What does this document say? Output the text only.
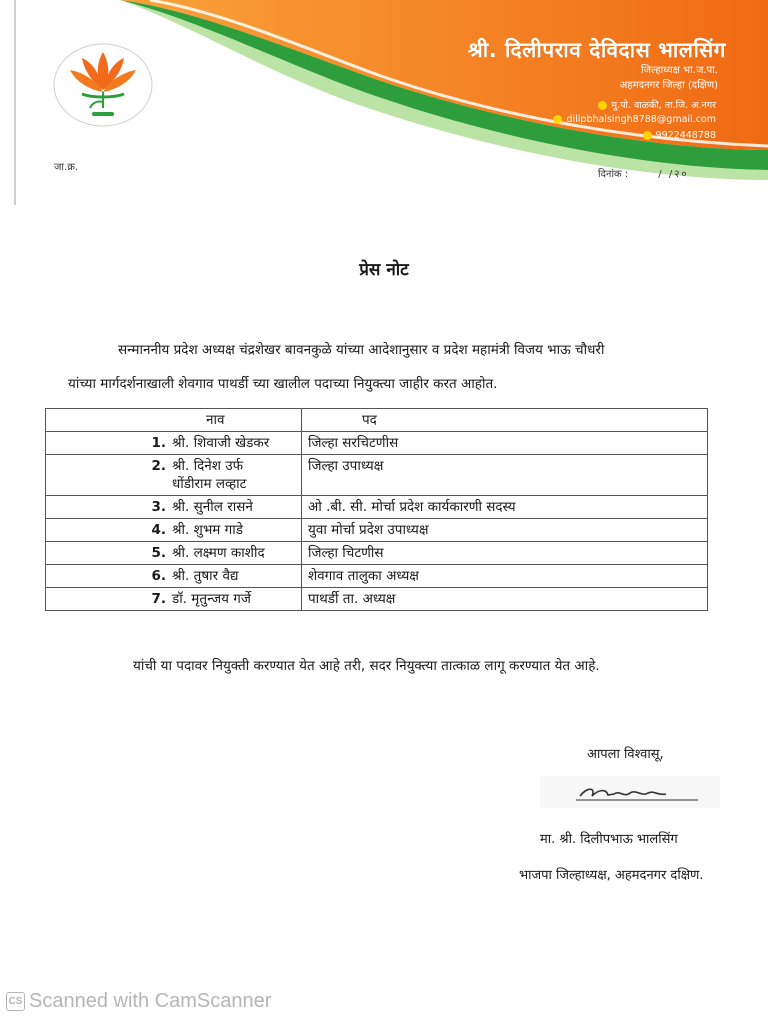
श्री. दिलीपराव देविदास भालसिंग
जिल्हाध्यक्ष भा.ज.पा.
अहमदनगर जिल्हा (दक्षिण)
मु.पो. वाळकी, ता.जि. अ.नगर
dilipbhalsingh8788@gmail.com
9922448788
जा.क्र.
दिनांक :	/ /२०
प्रेस नोट
सन्माननीय प्रदेश अध्यक्ष चंद्रशेखर बावनकुळे यांच्या आदेशानुसार व प्रदेश महामंत्री विजय भाऊ चौधरी
यांच्या मार्गदर्शनाखाली शेवगाव पाथर्डी च्या खालील पदाच्या नियुक्त्या जाहीर करत आहोत.
नाव	पद
1. श्री. शिवाजी खेडकर	जिल्हा सरचिटणीस
2. श्री. दिनेश उर्फ
धोंडीराम लव्हाट	जिल्हा उपाध्यक्ष
3. श्री. सुनील रासने	ओ .बी. सी. मोर्चा प्रदेश कार्यकारणी सदस्य
4. श्री. शुभम गाडे	युवा मोर्चा प्रदेश उपाध्यक्ष
5. श्री. लक्ष्मण काशीद	जिल्हा चिटणीस
6. श्री. तुषार वैद्य	शेवगाव तालुका अध्यक्ष
7. डॉ. मृतुन्जय गर्जे	पाथर्डी ता. अध्यक्ष
यांची या पदावर नियुक्ती करण्यात येत आहे तरी, सदर नियुक्त्या तात्काळ लागू करण्यात येत आहे.
आपला विश्वासू,
मा. श्री. दिलीपभाऊ भालसिंग
भाजपा जिल्हाध्यक्ष, अहमदनगर दक्षिण.
CS Scanned with CamScanner
